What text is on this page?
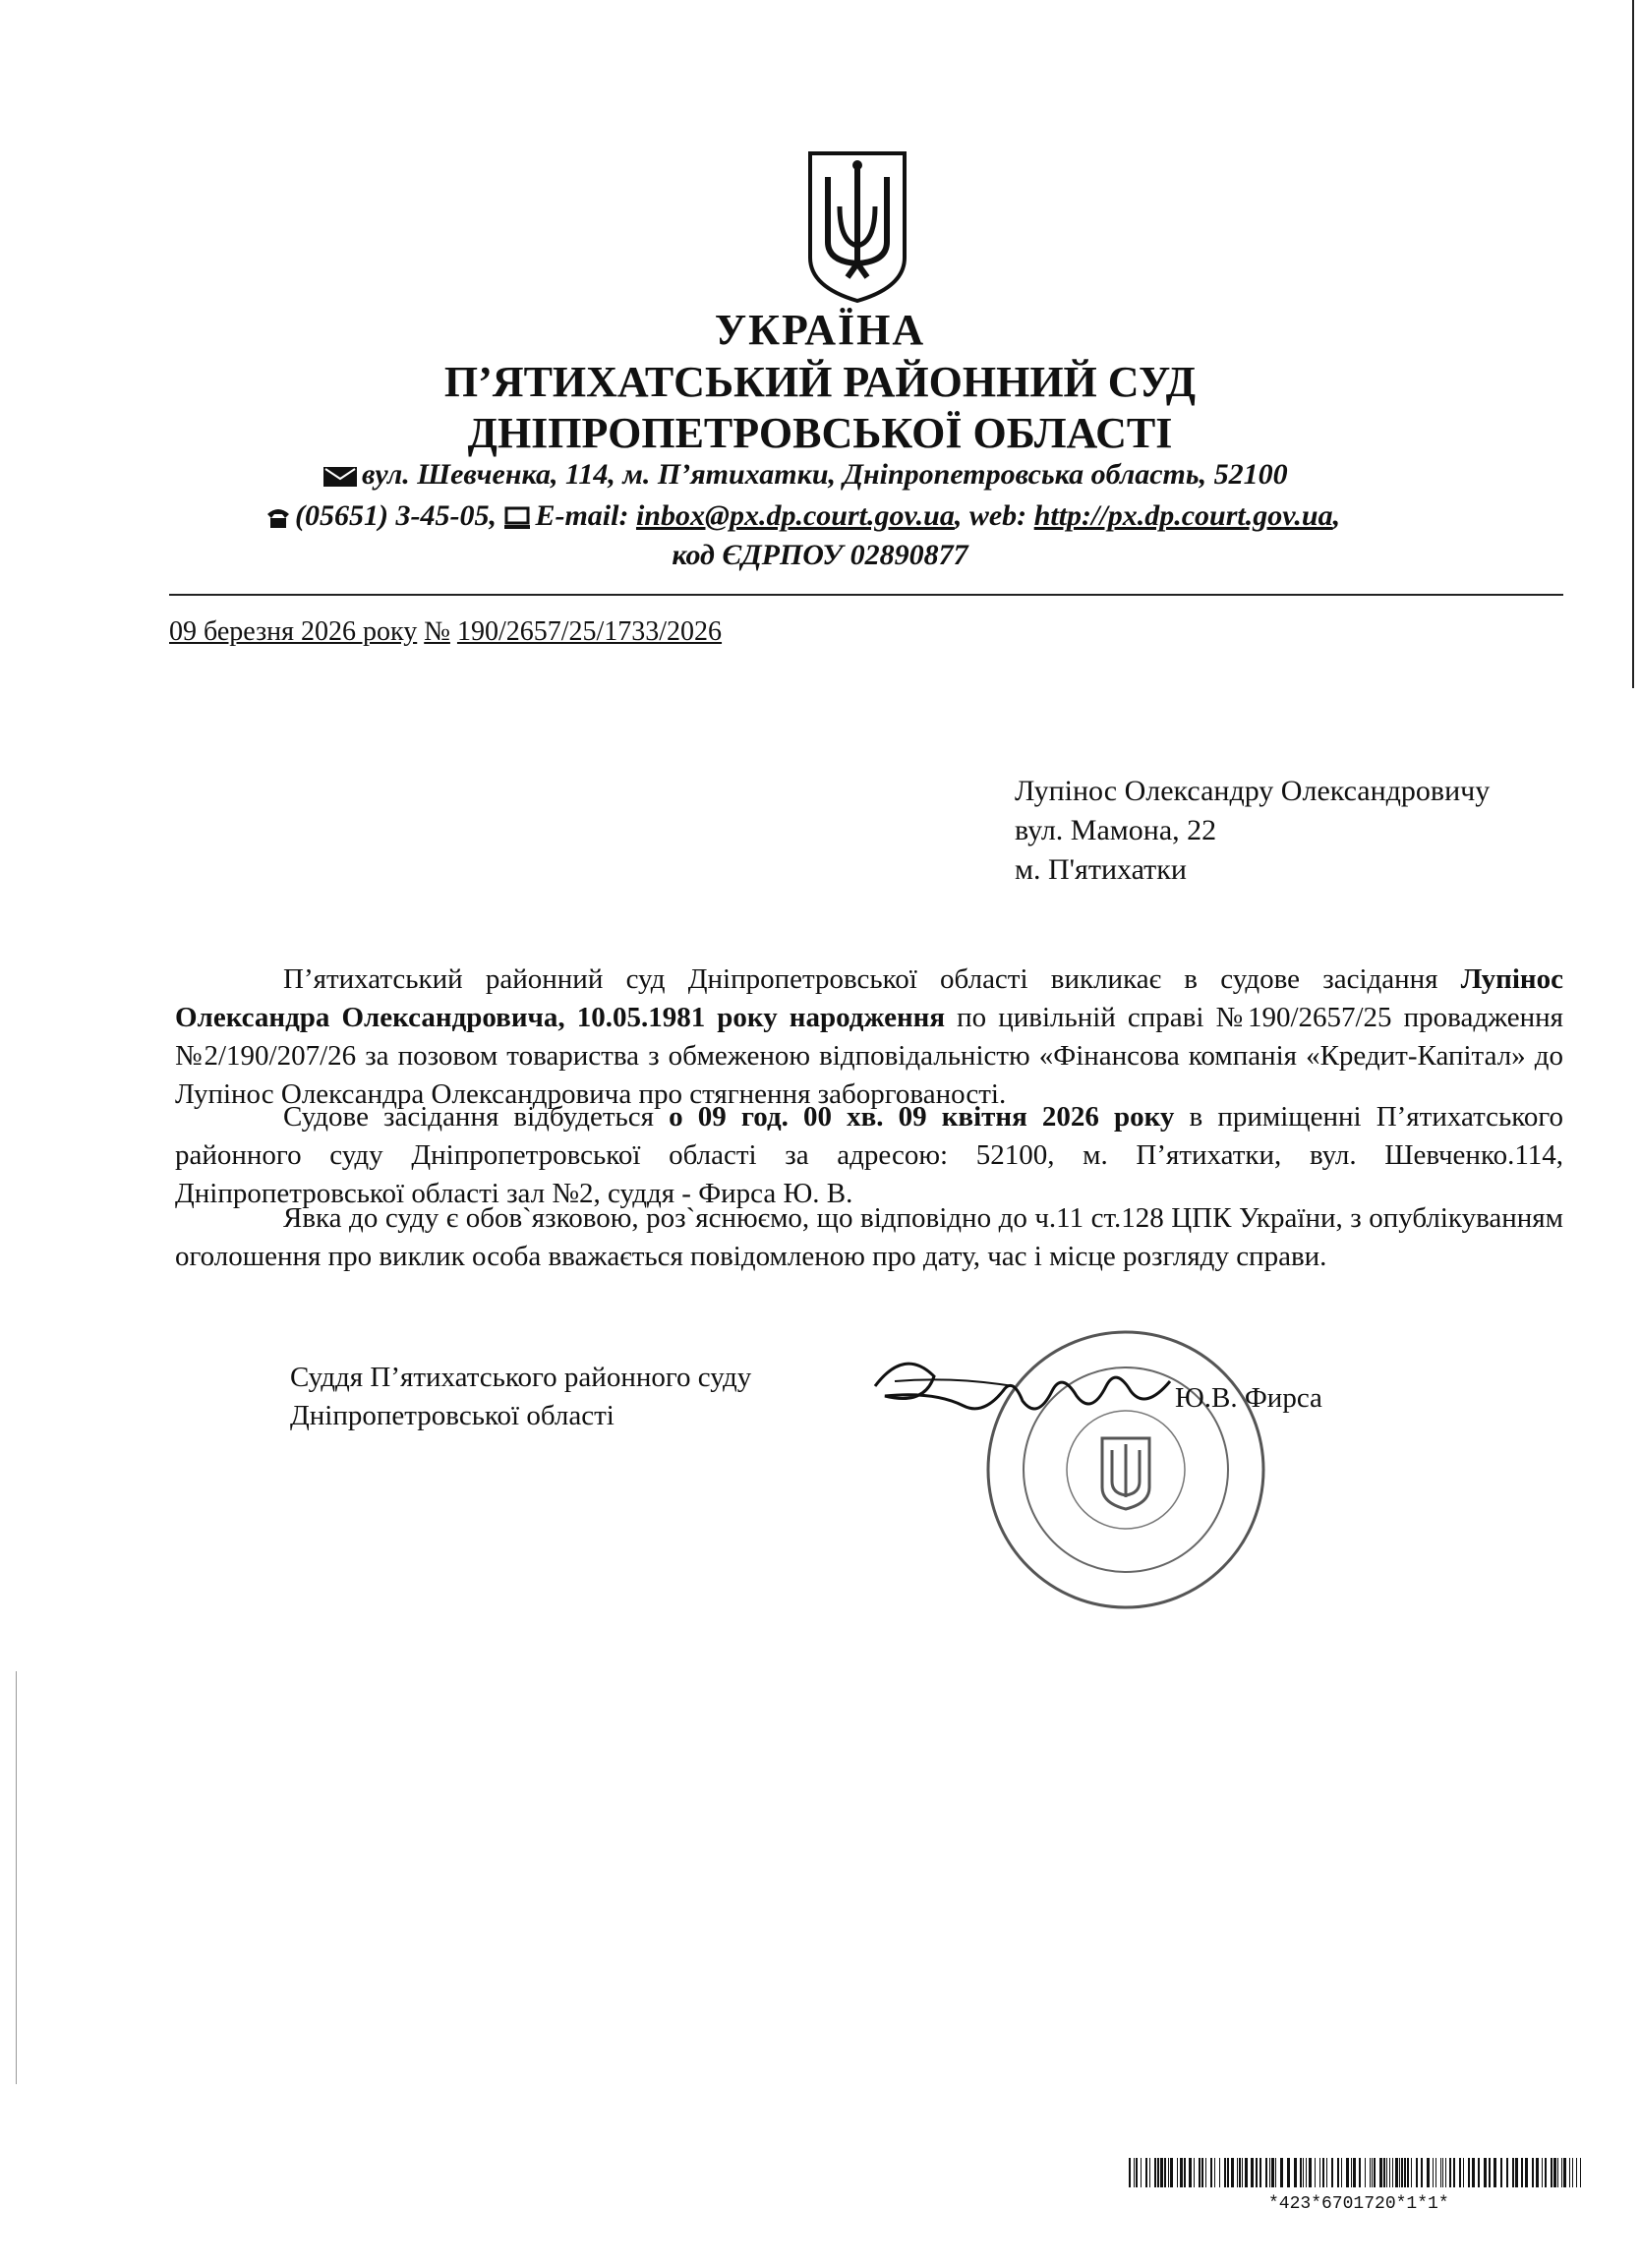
УКРАЇНА
П’ЯТИХАТСЬКИЙ РАЙОННИЙ СУД
ДНІПРОПЕТРОВСЬКОЇ ОБЛАСТІ
вул. Шевченка, 114, м. П’ятихатки, Дніпропетровська область, 52100
(05651) 3-45-05, E-mail: inbox@px.dp.court.gov.ua, web: http://px.dp.court.gov.ua,
код ЄДРПОУ 02890877
09 березня 2026 року № 190/2657/25/1733/2026
Лупінос Олександру Олександровичу
вул. Мамона, 22
м. П'ятихатки

П’ятихатський районний суд Дніпропетровської області викликає в судове засідання Лупінос Олександра Олександровича, 10.05.1981 року народження по цивільній справі №190/2657/25 провадження №2/190/207/26 за позовом товариства з обмеженою відповідальністю «Фінансова компанія «Кредит-Капітал» до Лупінос Олександра Олександровича про стягнення заборгованості.

Судове засідання відбудеться о 09 год. 00 хв. 09 квітня 2026 року в приміщенні П’ятихатського районного суду Дніпропетровської області за адресою: 52100, м. П’ятихатки, вул. Шевченко.114, Дніпропетровської області зал №2, суддя - Фирса Ю. В.

Явка до суду є обов`язковою, роз`яснюємо, що відповідно до ч.11 ст.128 ЦПК України, з опублікуванням оголошення про виклик особа вважається повідомленою про дату, час і місце розгляду справи.

Суддя П’ятихатського районного суду
Дніпропетровської області
Ю.В. Фирса
*423*6701720*1*1*
